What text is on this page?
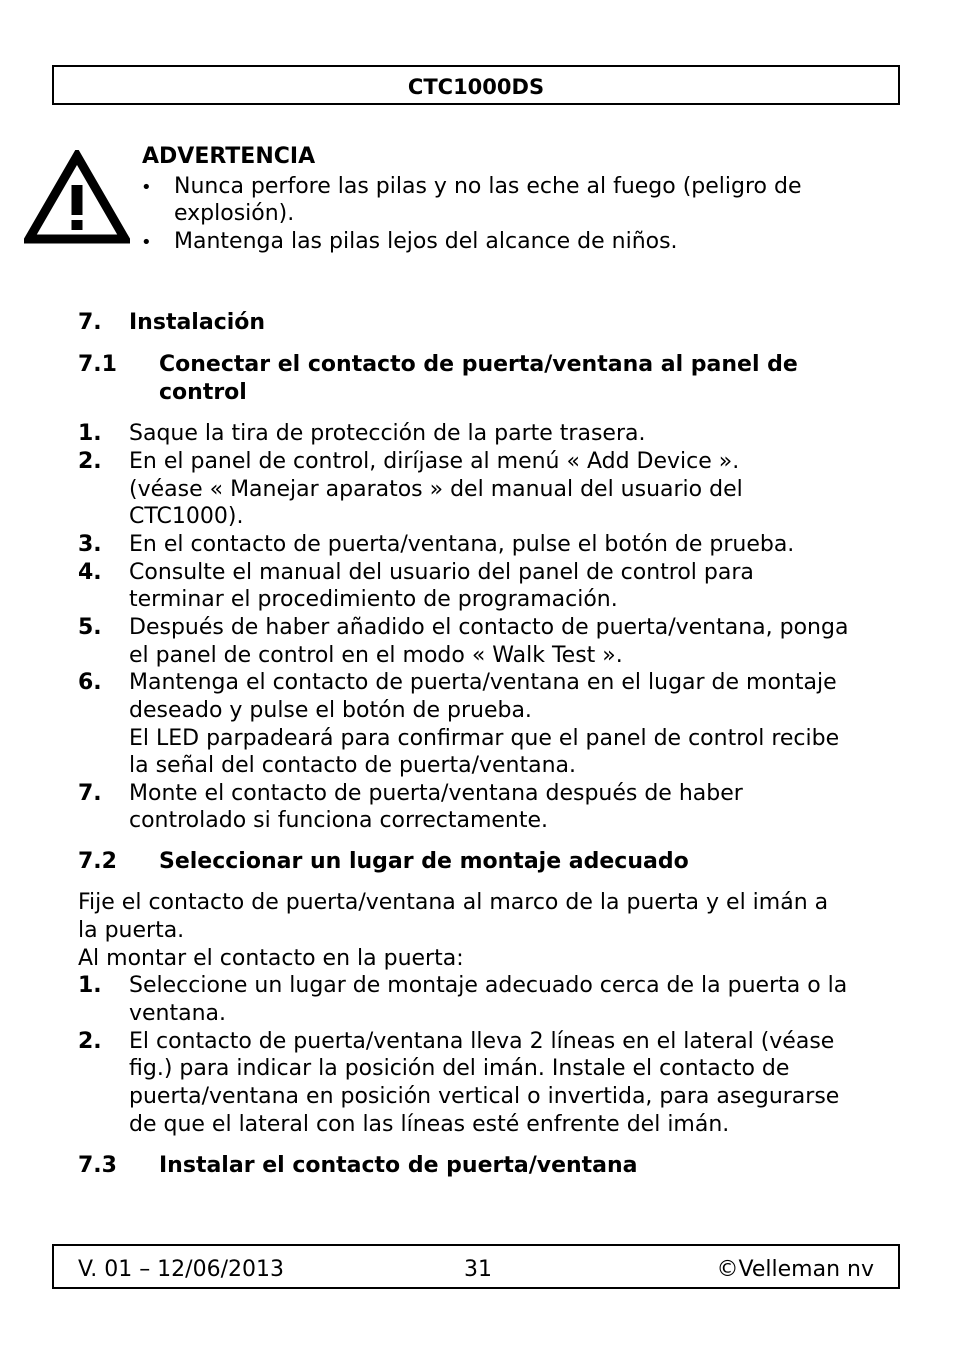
CTC1000DS
ADVERTENCIA
• Nunca perfore las pilas y no las eche al fuego (peligro de
explosión).
• Mantenga las pilas lejos del alcance de niños.
7. Instalación
7.1 Conectar el contacto de puerta/ventana al panel de
control
1. Saque la tira de protección de la parte trasera.
2. En el panel de control, diríjase al menú « Add Device ».
(véase « Manejar aparatos » del manual del usuario del
CTC1000).
3. En el contacto de puerta/ventana, pulse el botón de prueba.
4. Consulte el manual del usuario del panel de control para
terminar el procedimiento de programación.
5. Después de haber añadido el contacto de puerta/ventana, ponga
el panel de control en el modo « Walk Test ».
6. Mantenga el contacto de puerta/ventana en el lugar de montaje
deseado y pulse el botón de prueba.
El LED parpadeará para confirmar que el panel de control recibe
la señal del contacto de puerta/ventana.
7. Monte el contacto de puerta/ventana después de haber
controlado si funciona correctamente.
7.2 Seleccionar un lugar de montaje adecuado
Fije el contacto de puerta/ventana al marco de la puerta y el imán a
la puerta.
Al montar el contacto en la puerta:
1. Seleccione un lugar de montaje adecuado cerca de la puerta o la
ventana.
2. El contacto de puerta/ventana lleva 2 líneas en el lateral (véase
fig.) para indicar la posición del imán. Instale el contacto de
puerta/ventana en posición vertical o invertida, para asegurarse
de que el lateral con las líneas esté enfrente del imán.
7.3 Instalar el contacto de puerta/ventana
V. 01 – 12/06/2013	31	©Velleman nv
